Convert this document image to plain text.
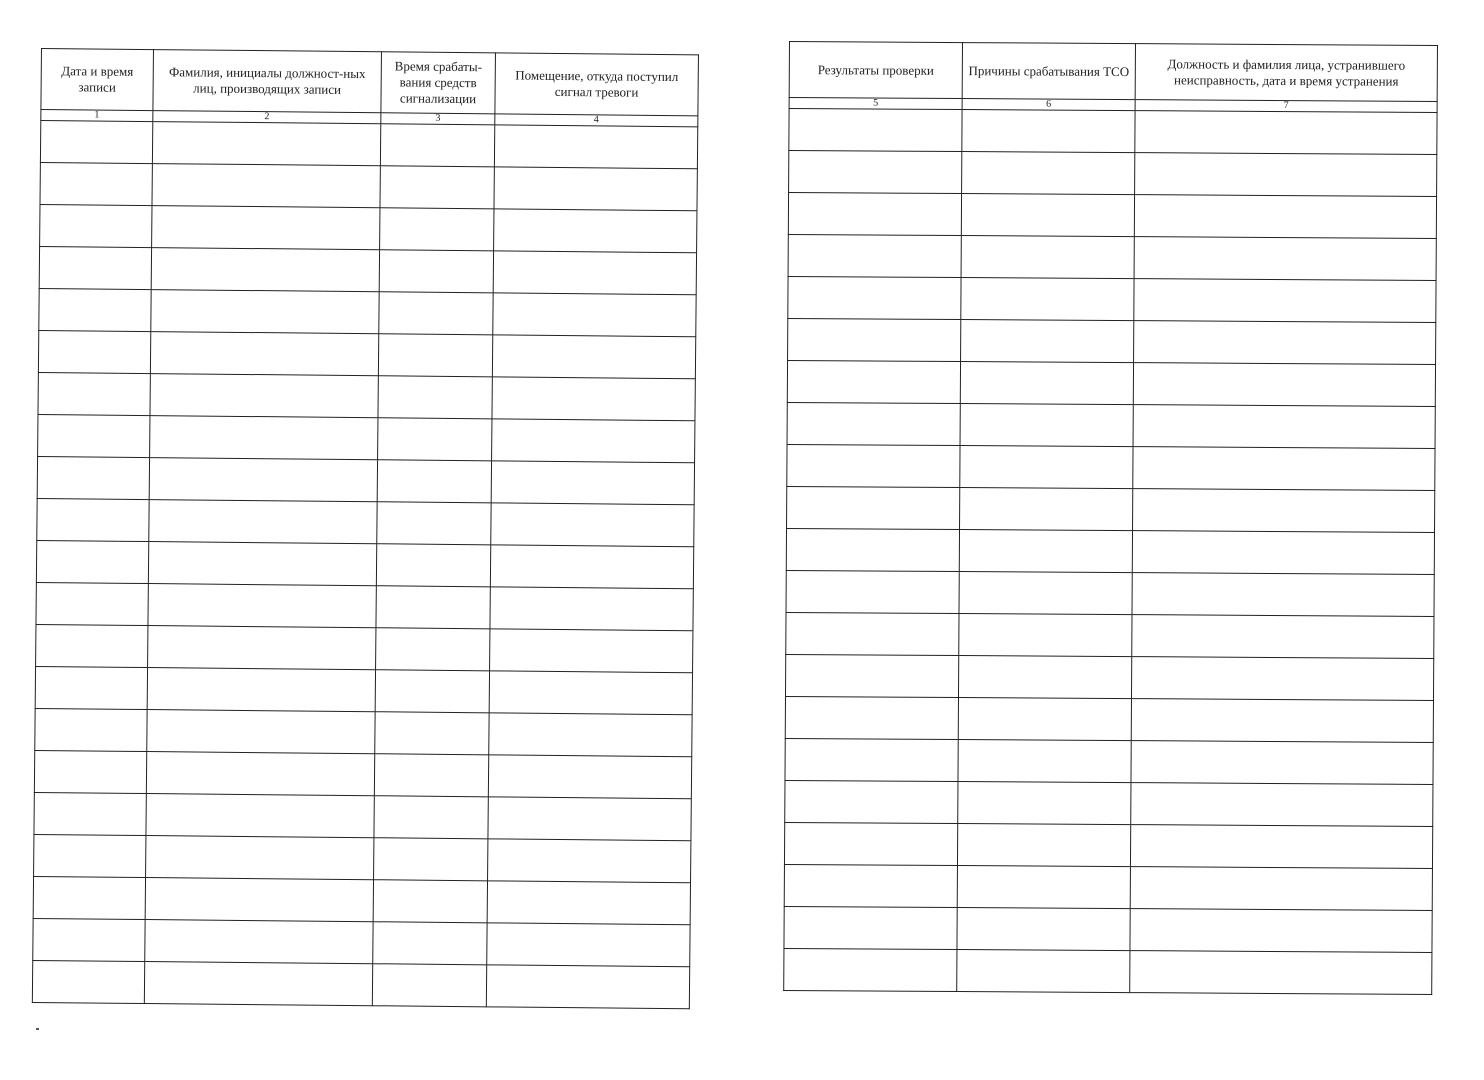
Дата и время записи	Фамилия, инициалы должност-ных лиц, производящих записи	Время срабаты-вания средств сигнализации	Помещение, откуда поступил сигнал тревоги
1	2	3	4

Результаты проверки	Причины срабатывания ТСО	Должность и фамилия лица, устранившего неисправность, дата и время устранения
5	6	7
